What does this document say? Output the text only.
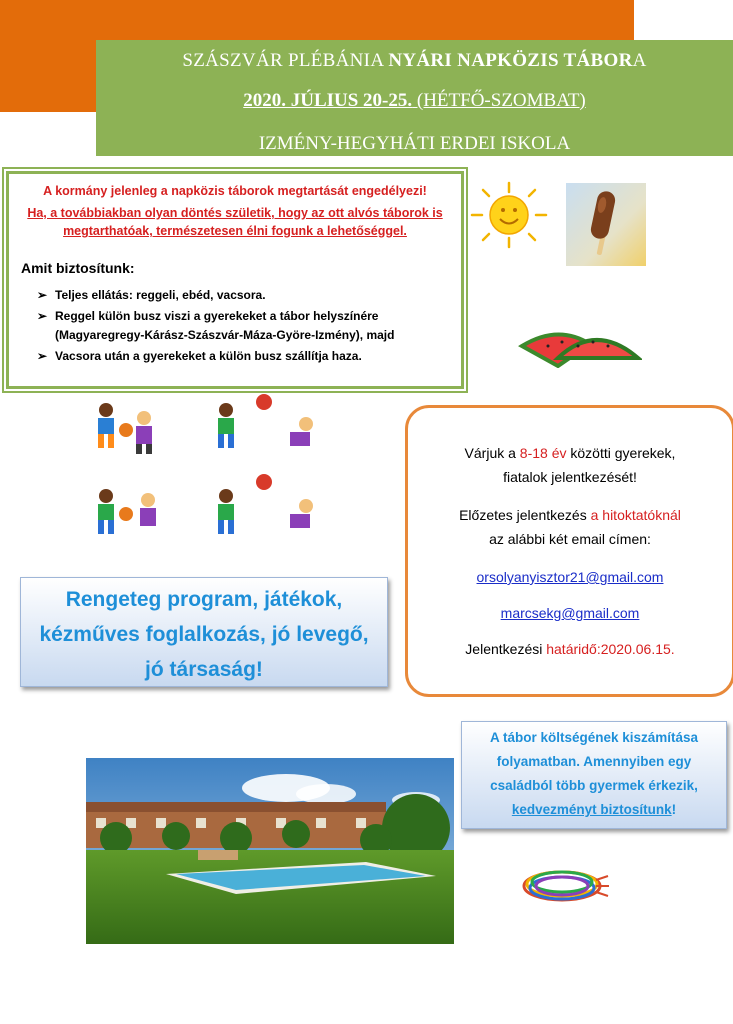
SZÁSZVÁR PLÉBÁNIA NYÁRI NAPKÖZIS TÁBORA
2020. JÚLIUS 20-25. (HÉTFŐ-SZOMBAT)
IZMÉNY-HEGYHÁTI ERDEI ISKOLA
A kormány jelenleg a napközis táborok megtartását engedélyezi!
Ha, a továbbiakban olyan döntés születik, hogy az ott alvós táborok is megtarthatóak, természetesen élni fogunk a lehetőséggel.
Amit biztosítunk:
➢ Teljes ellátás: reggeli, ebéd, vacsora.
➢ Reggel külön busz viszi a gyerekeket a tábor helyszínére (Magyaregregy-Kárász-Szászvár-Máza-Györe-Izmény), majd
➢ Vacsora után a gyerekeket a külön busz szállítja haza.

Várjuk a 8-18 év közötti gyerekek,

fiatalok jelentkezését!

Előzetes jelentkezés a hitoktatóknál

az alábbi két email címen:

orsolyanyisztor21@gmail.com

marcsekg@gmail.com

Jelentkezési határidő:2020.06.15.

Rengeteg program, játékok,
kézműves foglalkozás, jó levegő,
jó társaság!
A tábor költségének kiszámítása
folyamatban. Amennyiben egy
családból több gyermek érkezik,
kedvezményt biztosítunk!
